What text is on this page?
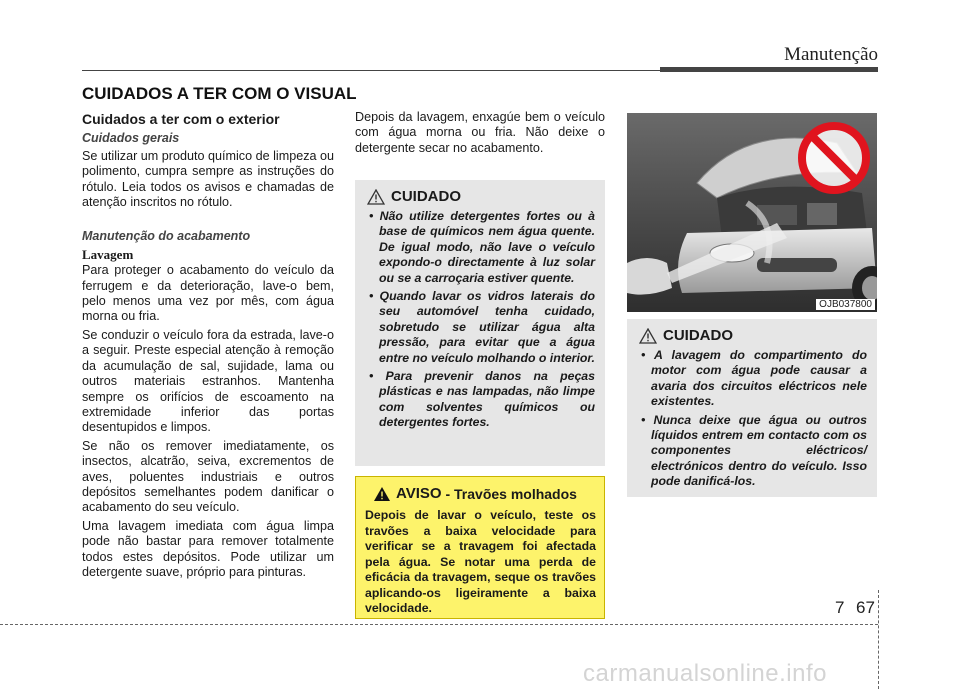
Manutenção
CUIDADOS A TER COM O VISUAL
Cuidados a ter com o exterior
Cuidados gerais

Se utilizar um produto químico de limpeza ou polimento, cumpra sempre as instruções do rótulo. Leia todos os avisos e chamadas de atenção inscritos no rótulo.

Manutenção do acabamento
Lavagem

Para proteger o acabamento do veículo da ferrugem e da deterioração, lave-o bem, pelo menos uma vez por mês, com água morna ou fria.

Se conduzir o veículo fora da estrada, lave-o a seguir. Preste especial atenção à remoção da acumulação de sal, sujidade, lama ou outros materiais estranhos. Mantenha sempre os orifícios de escoamento na extremidade inferior das portas desentupidos e limpos.

Se não os remover imediatamente, os insectos, alcatrão, seiva, excrementos de aves, poluentes industriais e outros depósitos semelhantes podem danificar o acabamento do seu veículo.

Uma lavagem imediata com água limpa pode não bastar para remover totalmente todos estes depósitos. Pode utilizar um detergente suave, próprio para pinturas.

Depois da lavagem, enxagúe bem o veículo com água morna ou fria. Não deixe o detergente secar no acabamento.

CUIDADO
• Não utilize detergentes fortes ou à base de químicos nem água quente. De igual modo, não lave o veículo expondo-o directamente à luz solar ou se a carroçaria estiver quente.
• Quando lavar os vidros laterais do seu automóvel tenha cuidado, sobretudo se utilizar água alta pressão, para evitar que a água entre no veículo molhando o interior.
• Para prevenir danos na peças plásticas e nas lampadas, não limpe com solventes químicos ou detergentes fortes.
AVISO
- Travões molhados
Depois de lavar o veículo, teste os travões a baixa velocidade para verificar se a travagem foi afectada pela água. Se notar uma perda de eficácia da travagem, seque os travões aplicando-os ligeiramente a baixa velocidade.
OJB037800
CUIDADO
• A lavagem do compartimento do motor com água pode causar a avaria dos circuitos eléctricos nele existentes.
• Nunca deixe que água ou outros líquidos entrem em contacto com os componentes eléctricos/ electrónicos dentro do veículo. Isso pode danificá-los.
7 67
carmanualsonline.info
